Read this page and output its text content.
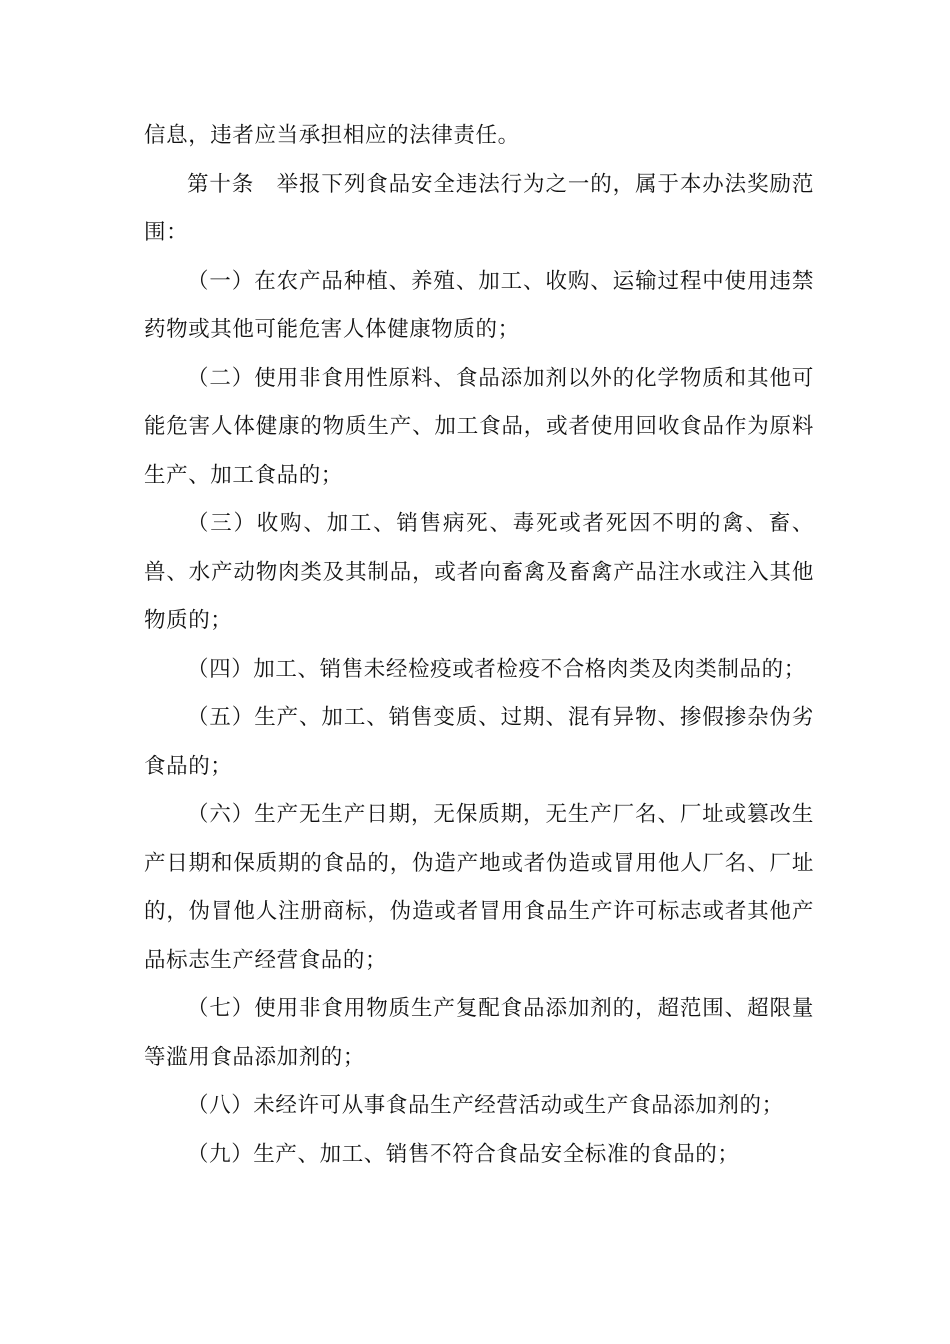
信息，违者应当承担相应的法律责任。

第十条　举报下列食品安全违法行为之一的，属于本办法奖励范围：

（一）在农产品种植、养殖、加工、收购、运输过程中使用违禁药物或其他可能危害人体健康物质的；

（二）使用非食用性原料、食品添加剂以外的化学物质和其他可能危害人体健康的物质生产、加工食品，或者使用回收食品作为原料生产、加工食品的；

（三）收购、加工、销售病死、毒死或者死因不明的禽、畜、兽、水产动物肉类及其制品，或者向畜禽及畜禽产品注水或注入其他物质的；

（四）加工、销售未经检疫或者检疫不合格肉类及肉类制品的；

（五）生产、加工、销售变质、过期、混有异物、掺假掺杂伪劣食品的；

（六）生产无生产日期，无保质期，无生产厂名、厂址或篡改生产日期和保质期的食品的，伪造产地或者伪造或冒用他人厂名、厂址的，伪冒他人注册商标，伪造或者冒用食品生产许可标志或者其他产品标志生产经营食品的；

（七）使用非食用物质生产复配食品添加剂的，超范围、超限量等滥用食品添加剂的；

（八）未经许可从事食品生产经营活动或生产食品添加剂的；

（九）生产、加工、销售不符合食品安全标准的食品的；
